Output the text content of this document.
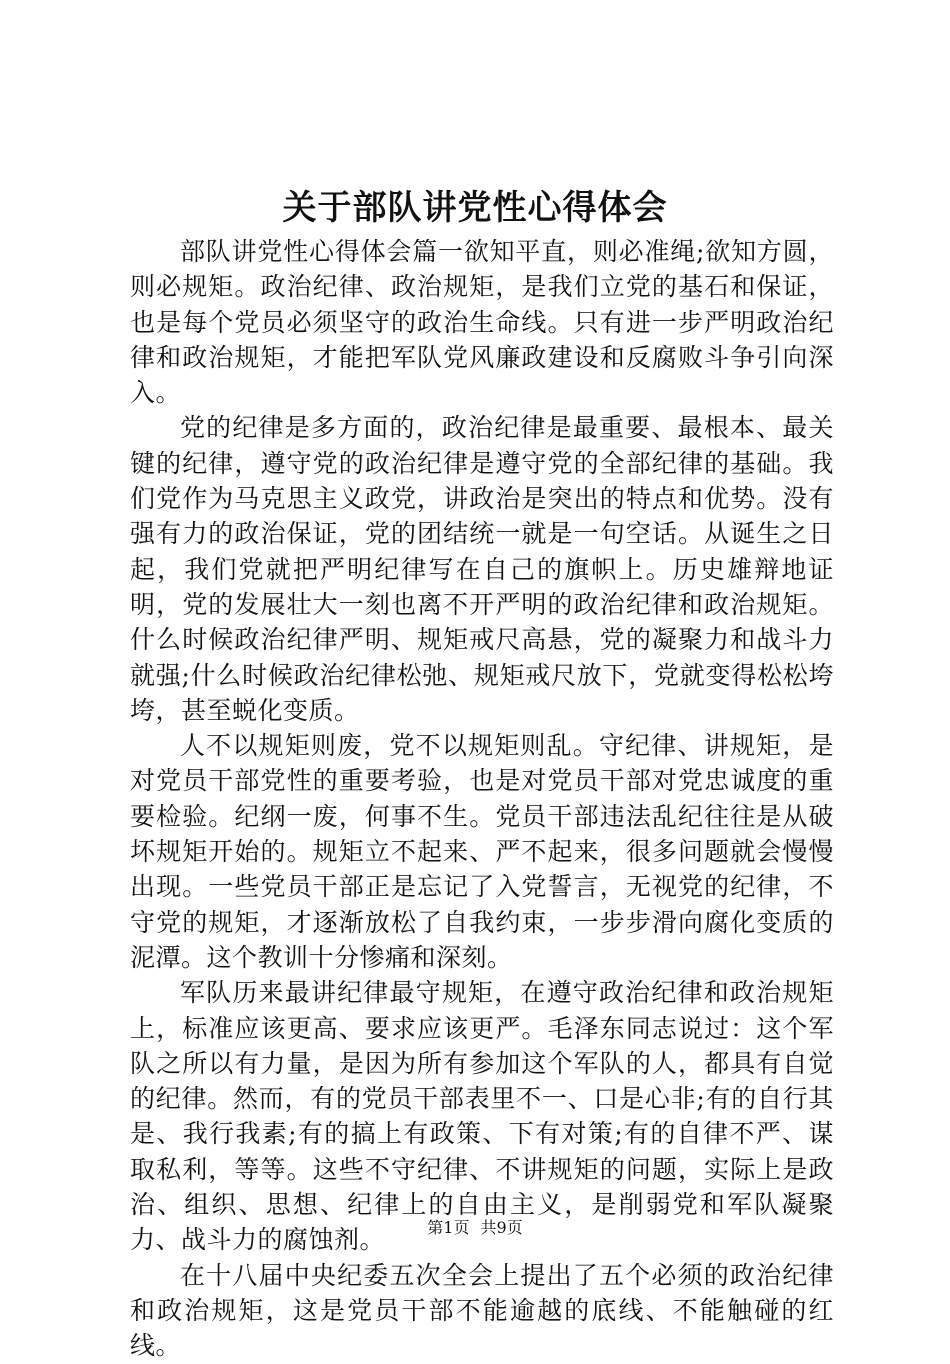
关于部队讲党性心得体会

部队讲党性心得体会篇一欲知平直，则必准绳;欲知方圆，则必规矩。政治纪律、政治规矩，是我们立党的基石和保证，也是每个党员必须坚守的政治生命线。只有进一步严明政治纪律和政治规矩，才能把军队党风廉政建设和反腐败斗争引向深入。

党的纪律是多方面的，政治纪律是最重要、最根本、最关键的纪律，遵守党的政治纪律是遵守党的全部纪律的基础。我们党作为马克思主义政党，讲政治是突出的特点和优势。没有强有力的政治保证，党的团结统一就是一句空话。从诞生之日起，我们党就把严明纪律写在自己的旗帜上。历史雄辩地证明，党的发展壮大一刻也离不开严明的政治纪律和政治规矩。什么时候政治纪律严明、规矩戒尺高悬，党的凝聚力和战斗力就强;什么时候政治纪律松弛、规矩戒尺放下，党就变得松松垮垮，甚至蜕化变质。

人不以规矩则废，党不以规矩则乱。守纪律、讲规矩，是对党员干部党性的重要考验，也是对党员干部对党忠诚度的重要检验。纪纲一废，何事不生。党员干部违法乱纪往往是从破坏规矩开始的。规矩立不起来、严不起来，很多问题就会慢慢出现。一些党员干部正是忘记了入党誓言，无视党的纪律，不守党的规矩，才逐渐放松了自我约束，一步步滑向腐化变质的泥潭。这个教训十分惨痛和深刻。

军队历来最讲纪律最守规矩，在遵守政治纪律和政治规矩上，标准应该更高、要求应该更严。毛泽东同志说过：这个军队之所以有力量，是因为所有参加这个军队的人，都具有自觉的纪律。然而，有的党员干部表里不一、口是心非;有的自行其是、我行我素;有的搞上有政策、下有对策;有的自律不严、谋取私利，等等。这些不守纪律、不讲规矩的问题，实际上是政治、组织、思想、纪律上的自由主义，是削弱党和军队凝聚力、战斗力的腐蚀剂。

在十八届中央纪委五次全会上提出了五个必须的政治纪律和政治规矩，这是党员干部不能逾越的底线、不能触碰的红线。

第1页 共9页
